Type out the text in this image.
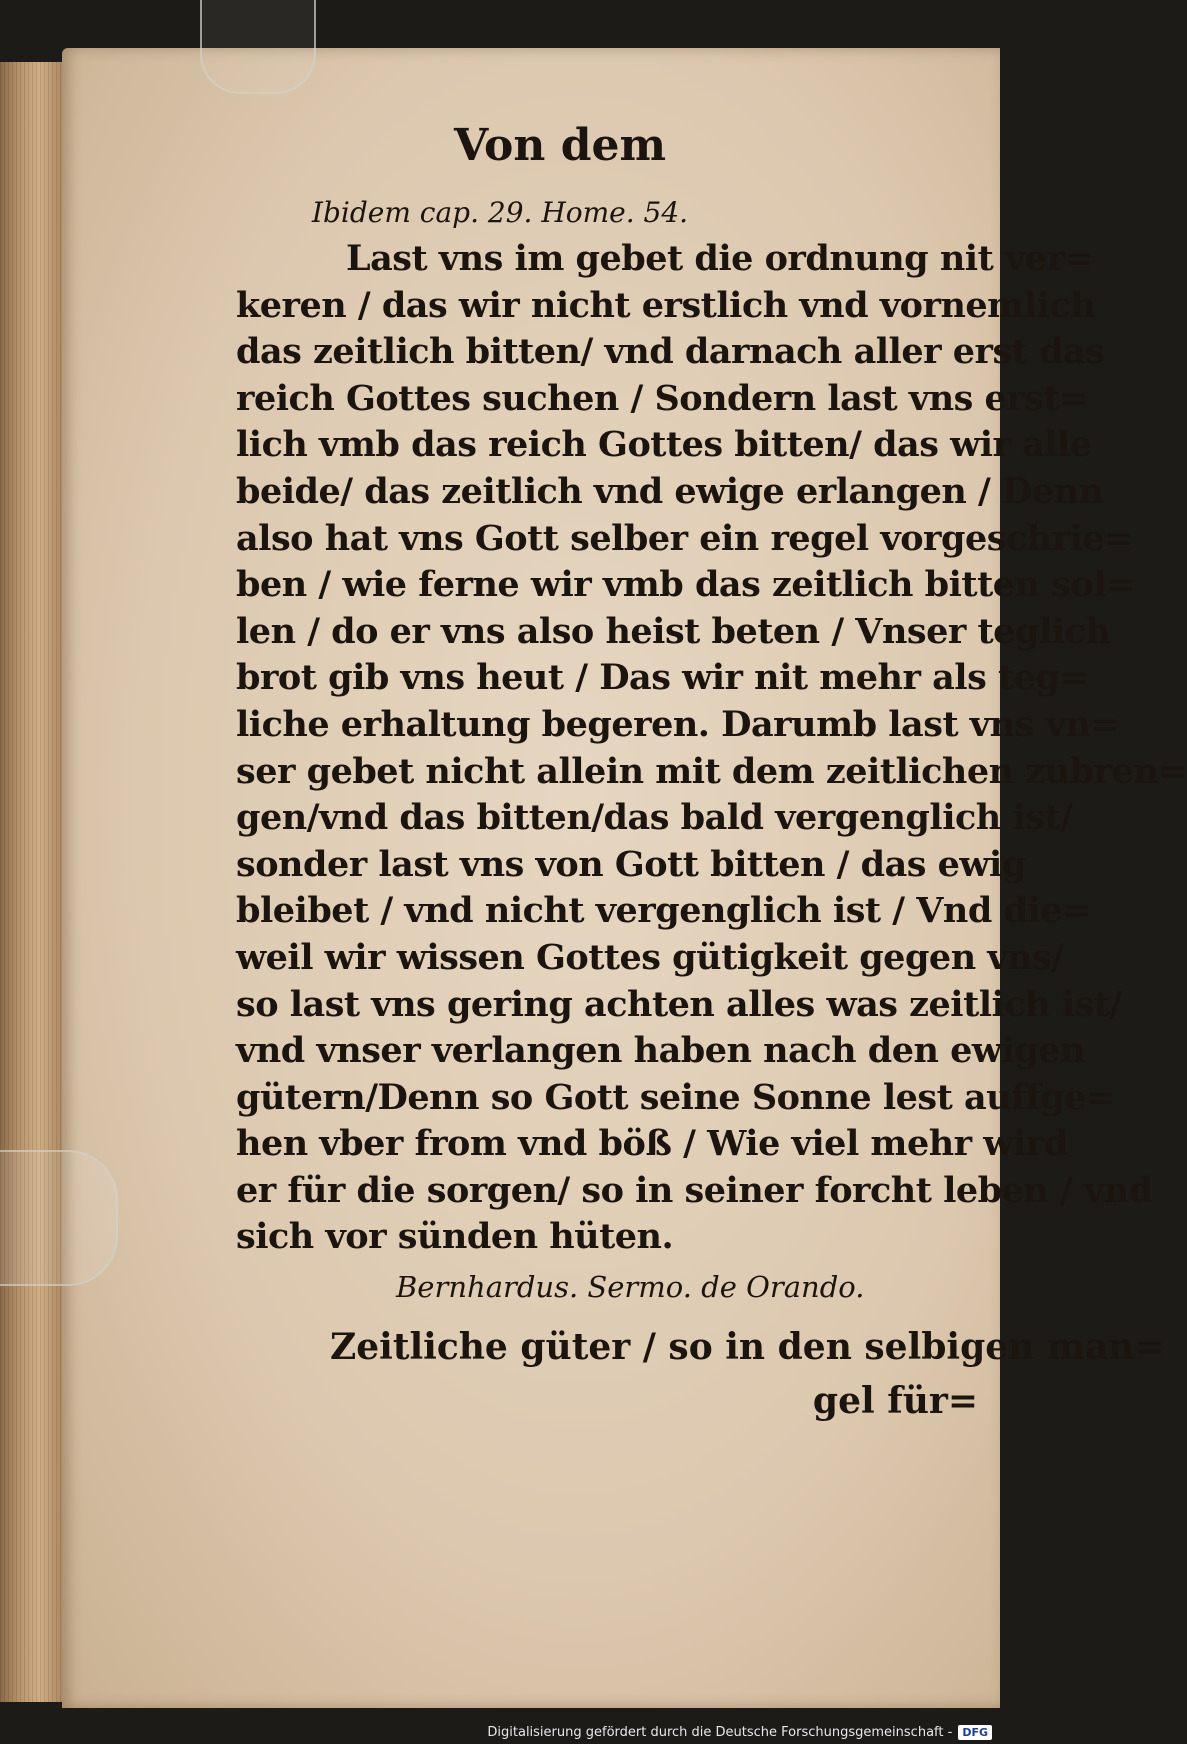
Von dem
Ibidem cap. 29. Home. 54.
Last vns im gebet die ordnung nit ver=
keren / das wir nicht erstlich vnd vornemlich
das zeitlich bitten/ vnd darnach aller erst das
reich Gottes suchen / Sondern last vns erst=
lich vmb das reich Gottes bitten/ das wir alle
beide/ das zeitlich vnd ewige erlangen / Denn
also hat vns Gott selber ein regel vorgeschrie=
ben / wie ferne wir vmb das zeitlich bitten sol=
len / do er vns also heist beten / Vnser teglich
brot gib vns heut / Das wir nit mehr als teg=
liche erhaltung begeren. Darumb last vns vn=
ser gebet nicht allein mit dem zeitlichen zubren=
gen/vnd das bitten/das bald vergenglich ist/
sonder last vns von Gott bitten / das ewig
bleibet / vnd nicht vergenglich ist / Vnd die=
weil wir wissen Gottes gütigkeit gegen vns/
so last vns gering achten alles was zeitlich ist/
vnd vnser verlangen haben nach den ewigen
gütern/Denn so Gott seine Sonne lest auffge=
hen vber from vnd böß / Wie viel mehr wird
er für die sorgen/ so in seiner forcht leben / vnd
sich vor sünden hüten.
Bernhardus. Sermo. de Orando.
Zeitliche güter / so in den selbigen man=
gel für=
Digitalisierung gefördert durch die Deutsche Forschungsgemeinschaft - DFG
